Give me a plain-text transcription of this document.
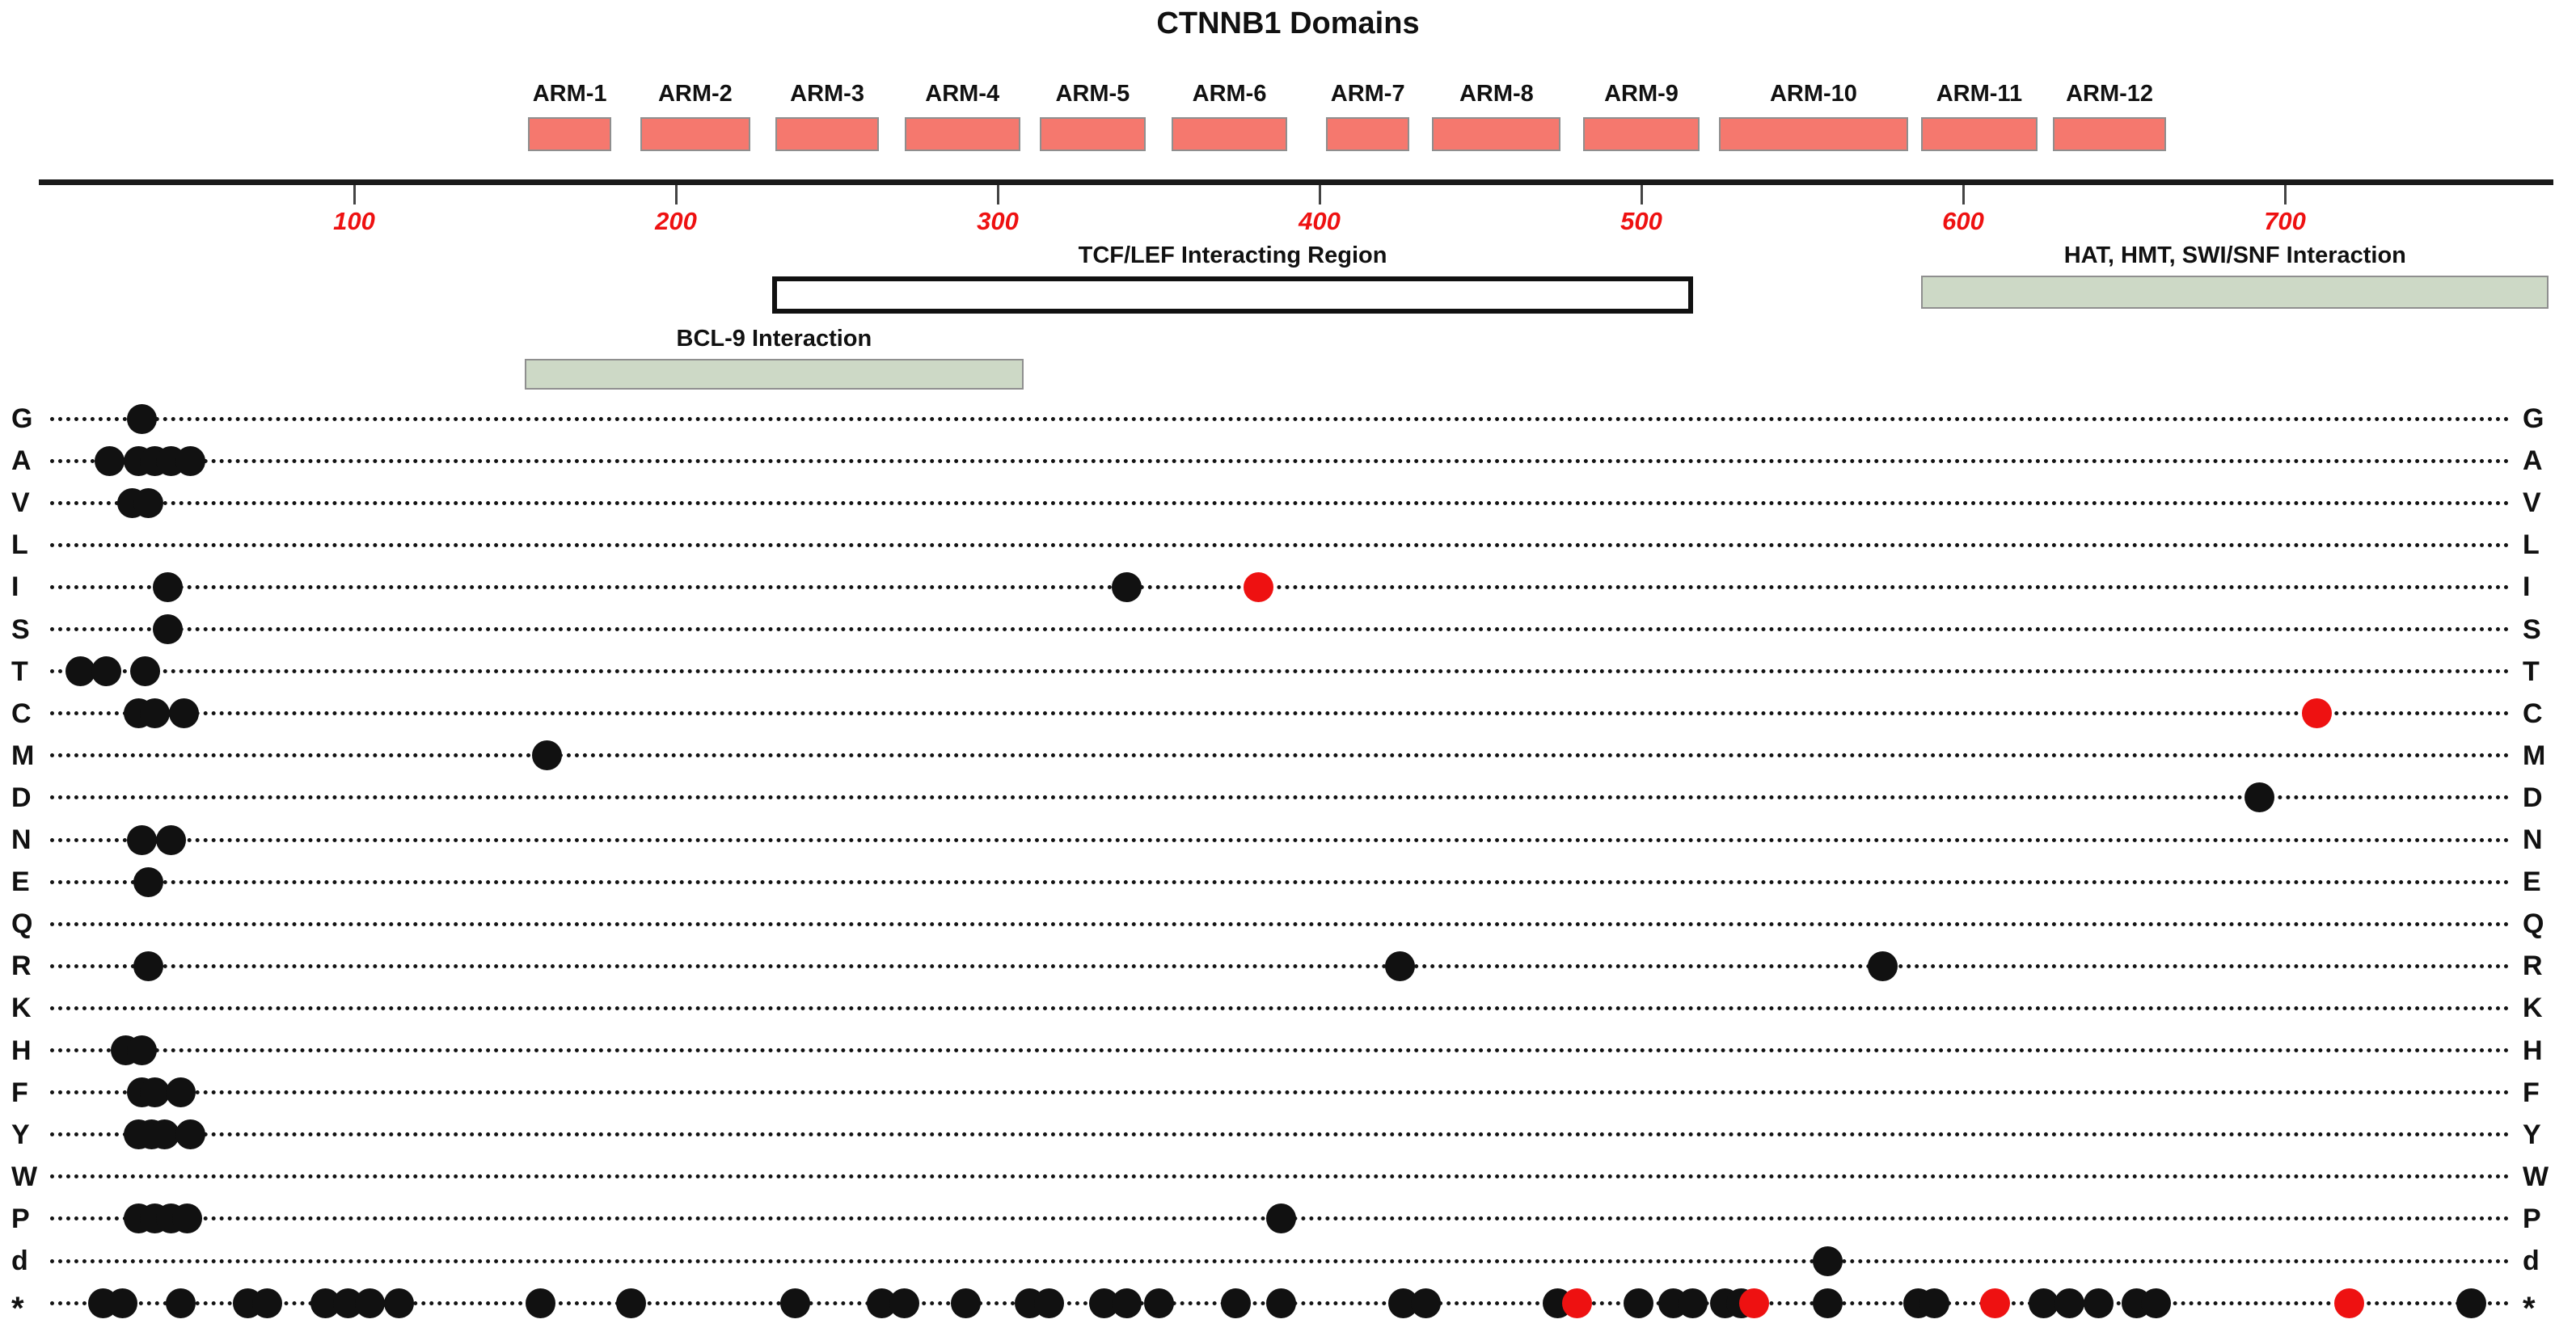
CTNNB1 Domains
ARM-1 ARM-2 ARM-3	ARM-4 ARM-5	ARM-6	ARM-7 ARM-8	ARM-9	ARM-10	ARM-11 ARM-12
100	200	300	400	500	600	700
TCF/LEF Interacting Region	HAT, HMT, SWI/SNF Interaction
BCL-9 Interaction
G	G
A	A
V	V
L	L
I	I
S	S
T	T
C	C
M	M
D	D
N	N
E	E
Q	Q
R	R
K	K
H	H
F	F
Y	Y
W	W
P	P
d	d
*	*
